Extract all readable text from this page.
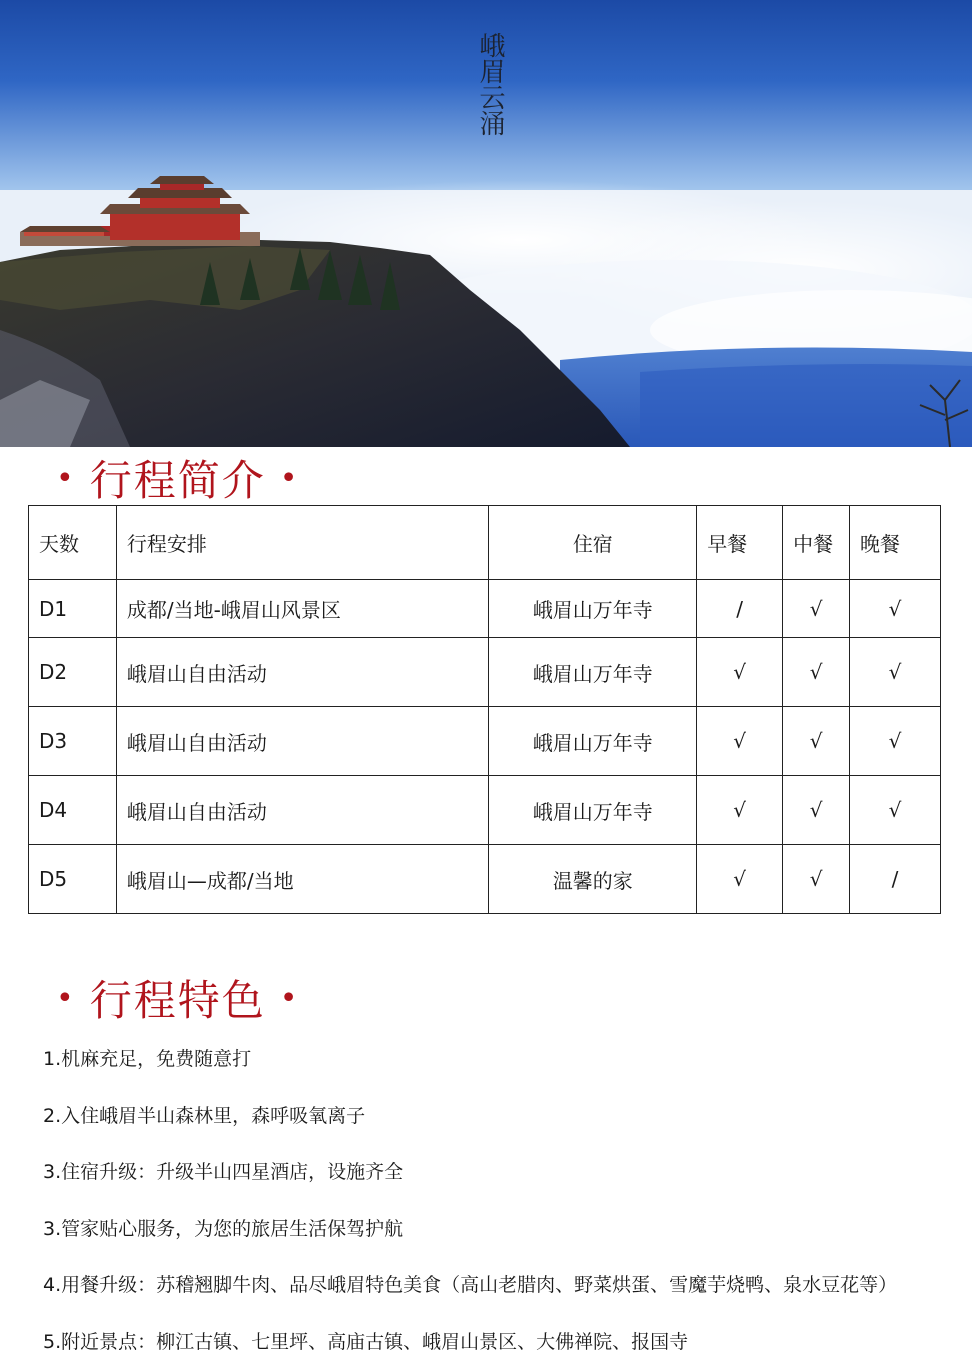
峨眉云涌
• 行程简介 •
天数	行程安排	住宿	早餐	中餐	晚餐
D1	成都/当地-峨眉山风景区	峨眉山万年寺	/	√	√
D2	峨眉山自由活动	峨眉山万年寺	√	√	√
D3	峨眉山自由活动	峨眉山万年寺	√	√	√
D4	峨眉山自由活动	峨眉山万年寺	√	√	√
D5	峨眉山—成都/当地	温馨的家	√	√	/
• 行程特色 •
1.机麻充足，免费随意打
2.入住峨眉半山森林里，森呼吸氧离子
3.住宿升级：升级半山四星酒店，设施齐全
3.管家贴心服务，为您的旅居生活保驾护航
4.用餐升级：苏稽翘脚牛肉、品尽峨眉特色美食（高山老腊肉、野菜烘蛋、雪魔芋烧鸭、泉水豆花等）
5.附近景点：柳江古镇、七里坪、高庙古镇、峨眉山景区、大佛禅院、报国寺
